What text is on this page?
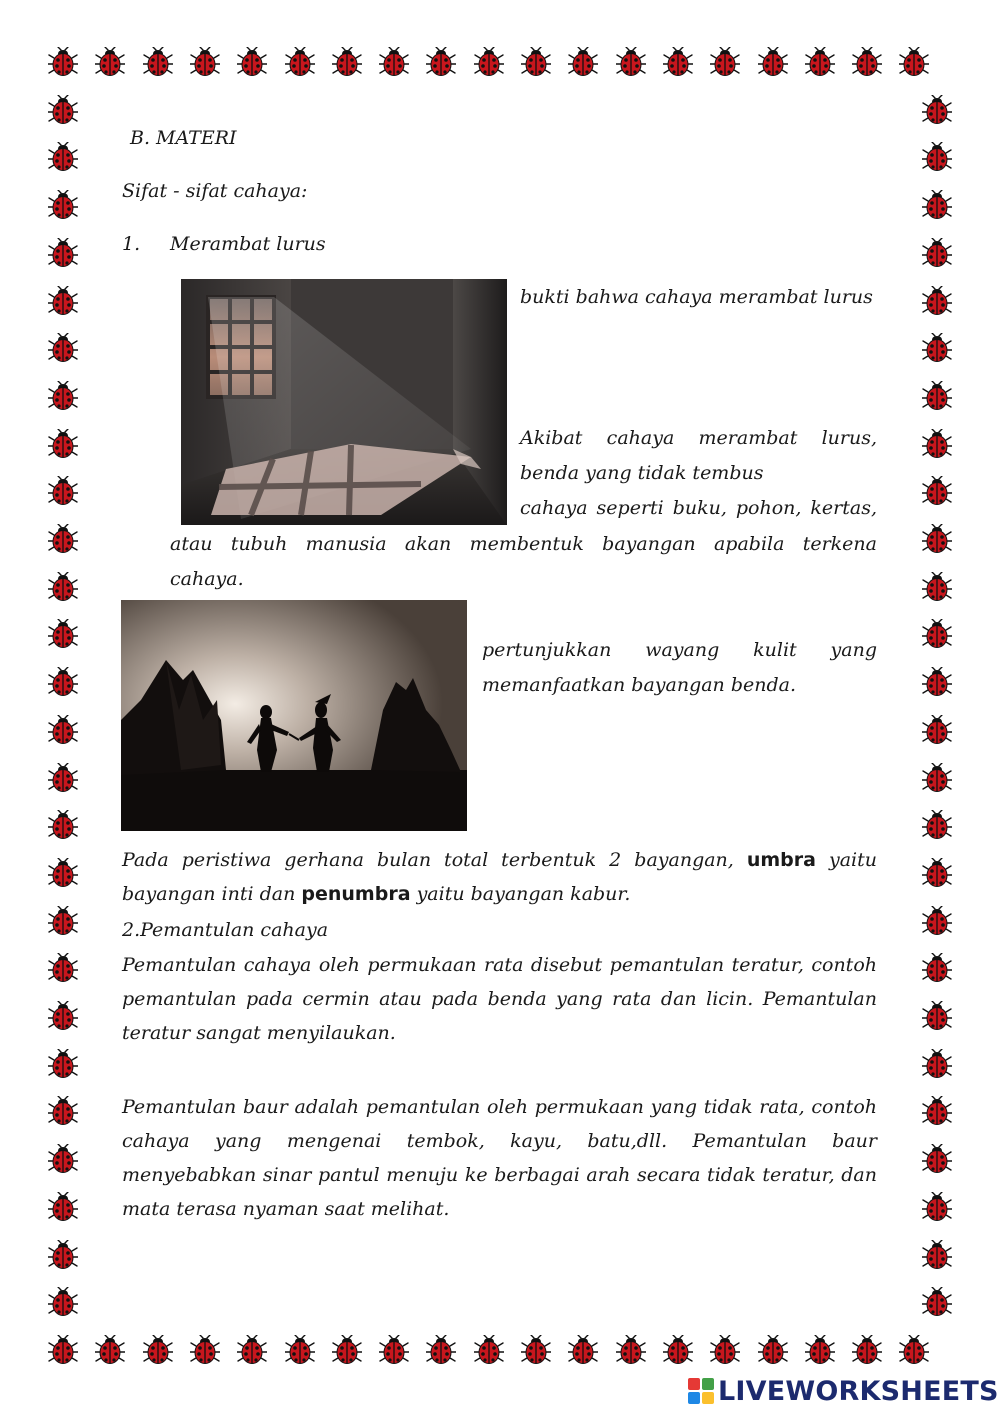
B. MATERI

Sifat - sifat cahaya:

1. Merambat lurus

bukti bahwa cahaya merambat lurus

Akibat cahaya merambat lurus,

benda yang tidak tembus

cahaya seperti buku, pohon, kertas,

atau tubuh manusia akan membentuk bayangan apabila terkena

cahaya.

pertunjukkan wayang kulit yang

memanfaatkan bayangan benda.

Pada peristiwa gerhana bulan total terbentuk 2 bayangan, umbra yaitu bayangan inti dan penumbra yaitu bayangan kabur.

2.Pemantulan cahaya

Pemantulan cahaya oleh permukaan rata disebut pemantulan teratur, contoh pemantulan pada cermin atau pada benda yang rata dan licin. Pemantulan teratur sangat menyilaukan.

Pemantulan baur adalah pemantulan oleh permukaan yang tidak rata, contoh cahaya yang mengenai tembok, kayu, batu,dll. Pemantulan baur menyebabkan sinar pantul menuju ke berbagai arah secara tidak teratur, dan mata terasa nyaman saat melihat.

LIVEWORKSHEETS
